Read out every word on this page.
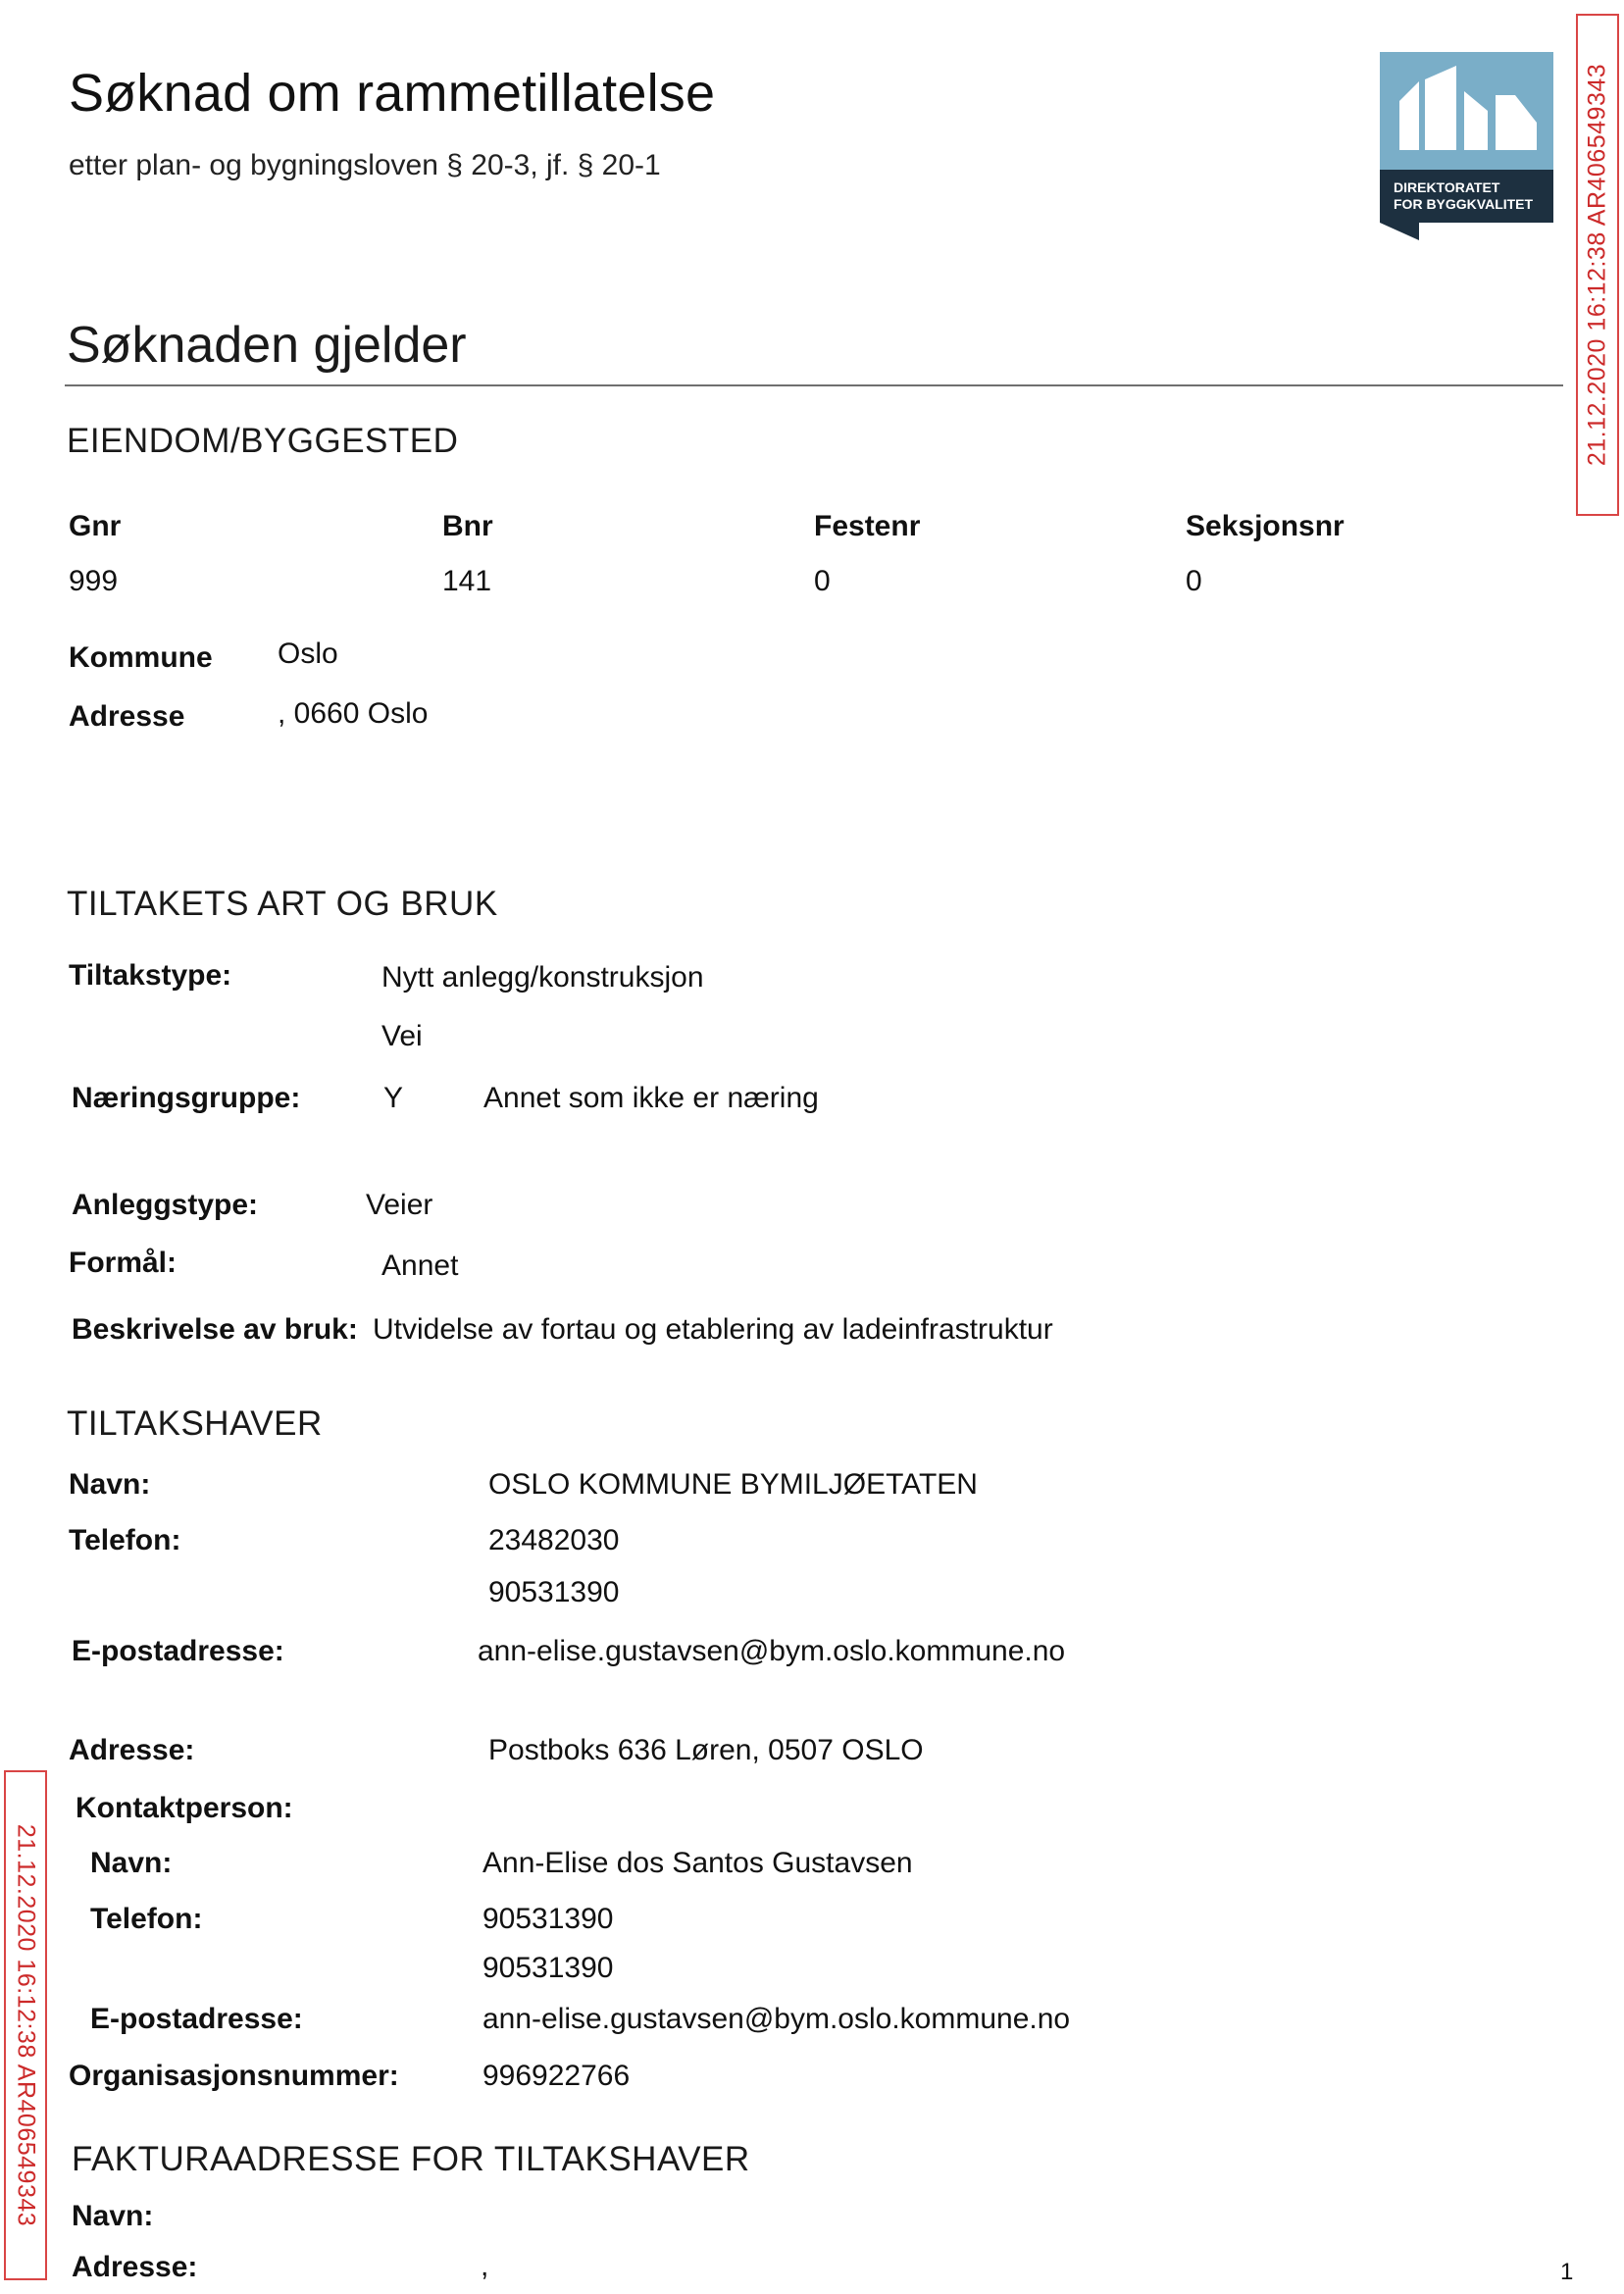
Søknad om rammetillatelse
etter plan- og bygningsloven § 20-3, jf. § 20-1
DIREKTORATET
FOR BYGGKVALITET 21.12.2020 16:12:38 AR406549343
21.12.2020 16:12:38 AR406549343
Søknaden gjelder
EIENDOM/BYGGESTED
Gnr	Bnr	Festenr	Seksjonsnr
999	141	0	0
Kommune Oslo
Adresse	, 0660 Oslo
TILTAKETS ART OG BRUK
Tiltakstype:	Nytt anlegg/konstruksjon
Vei
Næringsgruppe:	Y	Annet som ikke er næring
Anleggstype:	Veier
Formål:	Annet
Beskrivelse av bruk: Utvidelse av fortau og etablering av ladeinfrastruktur
TILTAKSHAVER
Navn:	OSLO KOMMUNE BYMILJØETATEN
Telefon:	23482030
90531390
E-postadresse:	ann-elise.gustavsen@bym.oslo.kommune.no
Adresse:	Postboks 636 Løren, 0507 OSLO
Kontaktperson:
Navn:	Ann-Elise dos Santos Gustavsen
Telefon:	90531390
90531390
E-postadresse:	ann-elise.gustavsen@bym.oslo.kommune.no
Organisasjonsnummer:	996922766
FAKTURAADRESSE FOR TILTAKSHAVER
Navn:
Adresse:	,	1
